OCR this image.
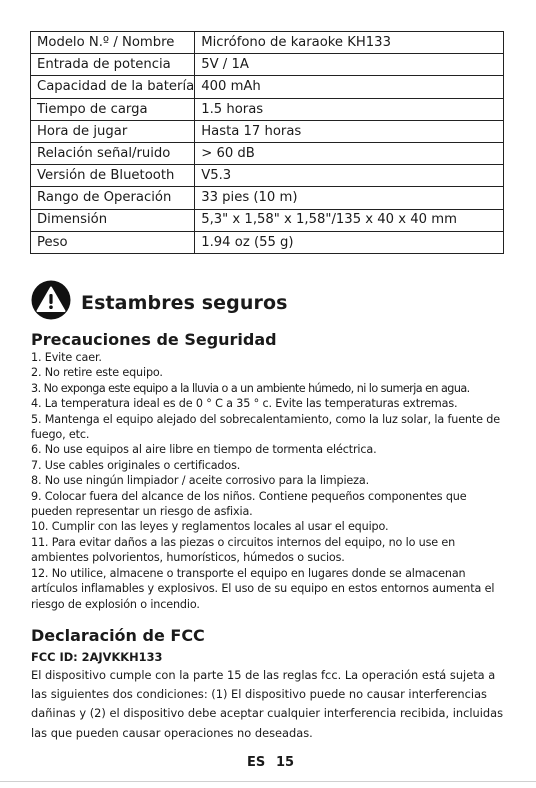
Modelo N.º / Nombre	Micrófono de karaoke KH133
Entrada de potencia	5V / 1A
Capacidad de la batería	400 mAh
Tiempo de carga	1.5 horas
Hora de jugar	Hasta 17 horas
Relación señal/ruido	> 60 dB
Versión de Bluetooth	V5.3
Rango de Operación	33 pies (10 m)
Dimensión	5,3" x 1,58" x 1,58"/135 x 40 x 40 mm
Peso	1.94 oz (55 g)
Estambres seguros
Precauciones de Seguridad
1. Evite caer.
2. No retire este equipo.
3. No exponga este equipo a la lluvia o a un ambiente húmedo, ni lo sumerja en agua.
4. La temperatura ideal es de 0 ° C a 35 ° c. Evite las temperaturas extremas.
5. Mantenga el equipo alejado del sobrecalentamiento, como la luz solar, la fuente de fuego, etc.
6. No use equipos al aire libre en tiempo de tormenta eléctrica.
7. Use cables originales o certificados.
8. No use ningún limpiador / aceite corrosivo para la limpieza.
9. Colocar fuera del alcance de los niños. Contiene pequeños componentes que pueden representar un riesgo de asfixia.
10. Cumplir con las leyes y reglamentos locales al usar el equipo.
11. Para evitar daños a las piezas o circuitos internos del equipo, no lo use en ambientes polvorientos, humorísticos, húmedos o sucios.
12. No utilice, almacene o transporte el equipo en lugares donde se almacenan artículos inflamables y explosivos. El uso de su equipo en estos entornos aumenta el riesgo de explosión o incendio.
Declaración de FCC
FCC ID: 2AJVKKH133

El dispositivo cumple con la parte 15 de las reglas fcc. La operación está sujeta a las siguientes dos condiciones: (1) El dispositivo puede no causar interferencias dañinas y (2) el dispositivo debe aceptar cualquier interferencia recibida, incluidas las que pueden causar operaciones no deseadas.

ES 15
